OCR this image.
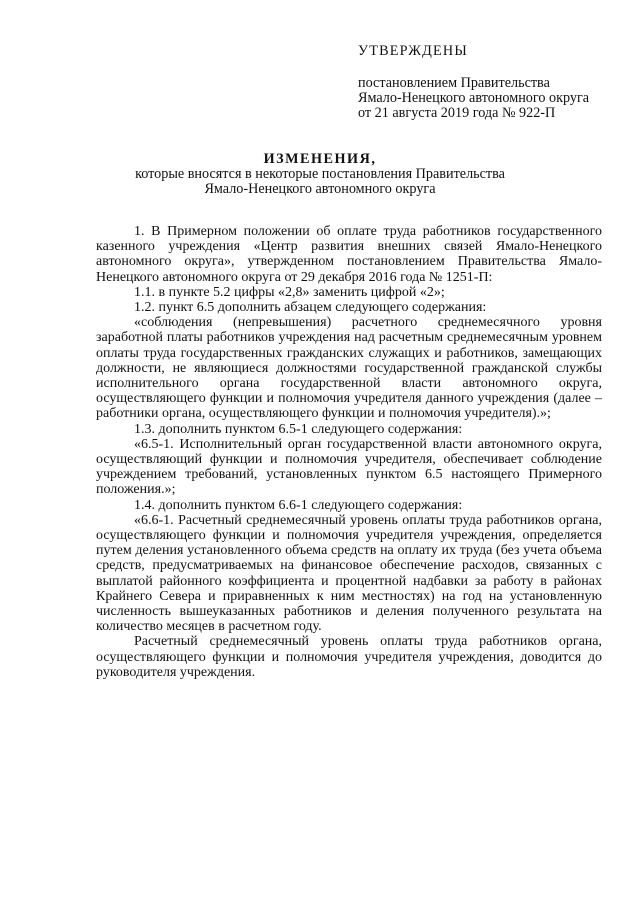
УТВЕРЖДЕНЫ
постановлением Правительства
Ямало-Ненецкого автономного округа
от 21 августа 2019 года № 922-П
ИЗМЕНЕНИЯ,
которые вносятся в некоторые постановления Правительства
Ямало-Ненецкого автономного округа

1. В Примерном положении об оплате труда работников государственного казенного учреждения «Центр развития внешних связей Ямало-Ненецкого автономного округа», утвержденном постановлением Правительства Ямало-Ненецкого автономного округа от 29 декабря 2016 года № 1251-П:

1.1. в пункте 5.2 цифры «2,8» заменить цифрой «2»;

1.2. пункт 6.5 дополнить абзацем следующего содержания:

«соблюдения (непревышения) расчетного среднемесячного уровня заработной платы работников учреждения над расчетным среднемесячным уровнем оплаты труда государственных гражданских служащих и работников, замещающих должности, не являющиеся должностями государственной гражданской службы исполнительного органа государственной власти автономного округа, осуществляющего функции и полномочия учредителя данного учреждения (далее – работники органа, осуществляющего функции и полномочия учредителя).»;

1.3. дополнить пунктом 6.5-1 следующего содержания:

«6.5-1. Исполнительный орган государственной власти автономного округа, осуществляющий функции и полномочия учредителя, обеспечивает соблюдение учреждением требований, установленных пунктом 6.5 настоящего Примерного положения.»;

1.4. дополнить пунктом 6.6-1 следующего содержания:

«6.6-1. Расчетный среднемесячный уровень оплаты труда работников органа, осуществляющего функции и полномочия учредителя учреждения, определяется путем деления установленного объема средств на оплату их труда (без учета объема средств, предусматриваемых на финансовое обеспечение расходов, связанных с выплатой районного коэффициента и процентной надбавки за работу в районах Крайнего Севера и приравненных к ним местностях) на год на установленную численность вышеуказанных работников и деления полученного результата на количество месяцев в расчетном году.

Расчетный среднемесячный уровень оплаты труда работников органа, осуществляющего функции и полномочия учредителя учреждения, доводится до руководителя учреждения.
